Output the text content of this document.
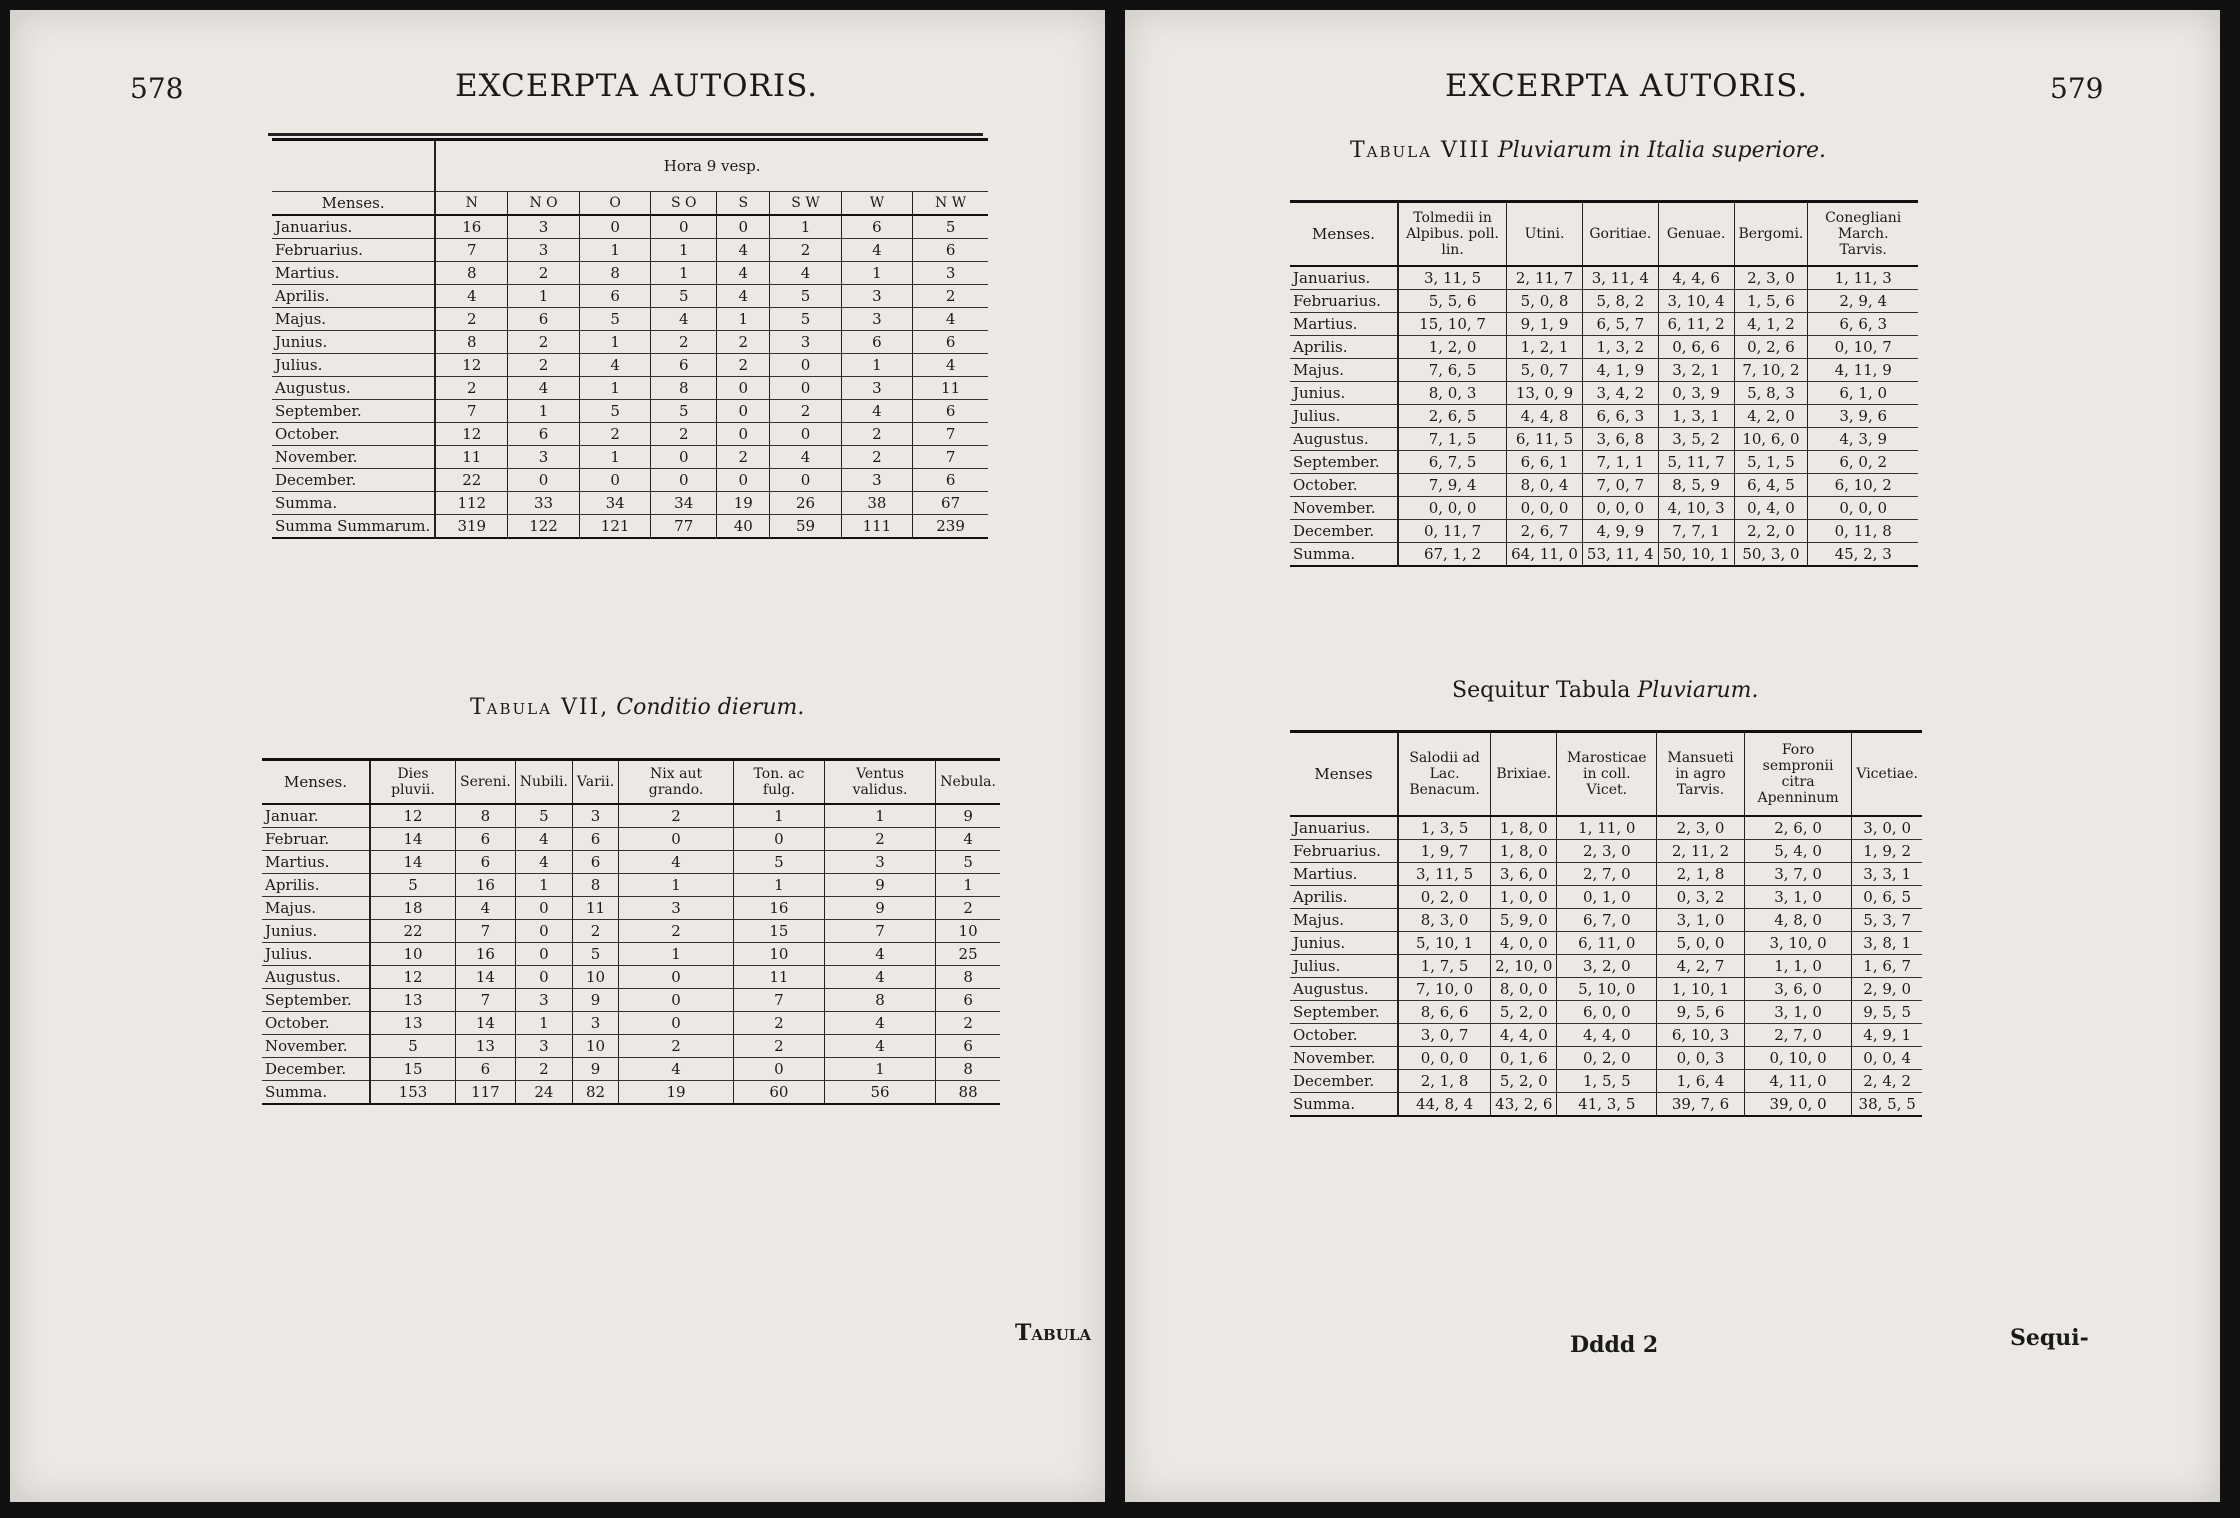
578	EXCERPTA AUTORIS.
	Hora 9 vesp.							
Menses.	N	N O	O	S O	S	S W	W	N W
Januarius.	16	3	0	0	0	1	6	5
Februarius.	7	3	1	1	4	2	4	6
Martius.	8	2	8	1	4	4	1	3
Aprilis.	4	1	6	5	4	5	3	2
Majus.	2	6	5	4	1	5	3	4
Junius.	8	2	1	2	2	3	6	6
Julius.	12	2	4	6	2	0	1	4
Augustus.	2	4	1	8	0	0	3	11
September.	7	1	5	5	0	2	4	6
October.	12	6	2	2	0	0	2	7
November.	11	3	1	0	2	4	2	7
December.	22	0	0	0	0	0	3	6
Summa.	112	33	34	34	19	26	38	67
Summa Summarum.	319	122	121	77	40	59	111	239
Tabula VII, Conditio dierum.
Menses.	Dies pluvii.	Sereni.	Nubili.	Varii.	Nix aut grando.	Ton. ac fulg.	Ventus validus.	Nebula.
Januar.	12	8	5	3	2	1	1	9
Februar.	14	6	4	6	0	0	2	4
Martius.	14	6	4	6	4	5	3	5
Aprilis.	5	16	1	8	1	1	9	1
Majus.	18	4	0	11	3	16	9	2
Junius.	22	7	0	2	2	15	7	10
Julius.	10	16	0	5	1	10	4	25
Augustus.	12	14	0	10	0	11	4	8
September.	13	7	3	9	0	7	8	6
October.	13	14	1	3	0	2	4	2
November.	5	13	3	10	2	2	4	6
December.	15	6	2	9	4	0	1	8
Summa.	153	117	24	82	19	60	56	88
Tabula
579
EXCERPTA AUTORIS.
Tabula VIII Pluviarum in Italia superiore.
Menses.	Tolmedii in Alpibus. poll. lin.	Utini.	Goritiae.	Genuae.	Bergomi.	Conegliani March. Tarvis.
Januarius.	3, 11, 5	2, 11, 7	3, 11, 4	4, 4, 6	2, 3, 0	1, 11, 3
Februarius.	5, 5, 6	5, 0, 8	5, 8, 2	3, 10, 4	1, 5, 6	2, 9, 4
Martius.	15, 10, 7	9, 1, 9	6, 5, 7	6, 11, 2	4, 1, 2	6, 6, 3
Aprilis.	1, 2, 0	1, 2, 1	1, 3, 2	0, 6, 6	0, 2, 6	0, 10, 7
Majus.	7, 6, 5	5, 0, 7	4, 1, 9	3, 2, 1	7, 10, 2	4, 11, 9
Junius.	8, 0, 3	13, 0, 9	3, 4, 2	0, 3, 9	5, 8, 3	6, 1, 0
Julius.	2, 6, 5	4, 4, 8	6, 6, 3	1, 3, 1	4, 2, 0	3, 9, 6
Augustus.	7, 1, 5	6, 11, 5	3, 6, 8	3, 5, 2	10, 6, 0	4, 3, 9
September.	6, 7, 5	6, 6, 1	7, 1, 1	5, 11, 7	5, 1, 5	6, 0, 2
October.	7, 9, 4	8, 0, 4	7, 0, 7	8, 5, 9	6, 4, 5	6, 10, 2
November.	0, 0, 0	0, 0, 0	0, 0, 0	4, 10, 3	0, 4, 0	0, 0, 0
December.	0, 11, 7	2, 6, 7	4, 9, 9	7, 7, 1	2, 2, 0	0, 11, 8
Summa.	67, 1, 2	64, 11, 0	53, 11, 4	50, 10, 1	50, 3, 0	45, 2, 3
Sequitur Tabula Pluviarum.
Menses	Salodii ad Lac. Benacum.	Brixiae.	Marosticae in coll. Vicet.	Mansueti in agro Tarvis.	Foro sempronii citra Apenninum	Vicetiae.
Januarius.	1, 3, 5	1, 8, 0	1, 11, 0	2, 3, 0	2, 6, 0	3, 0, 0
Februarius.	1, 9, 7	1, 8, 0	2, 3, 0	2, 11, 2	5, 4, 0	1, 9, 2
Martius.	3, 11, 5	3, 6, 0	2, 7, 0	2, 1, 8	3, 7, 0	3, 3, 1
Aprilis.	0, 2, 0	1, 0, 0	0, 1, 0	0, 3, 2	3, 1, 0	0, 6, 5
Majus.	8, 3, 0	5, 9, 0	6, 7, 0	3, 1, 0	4, 8, 0	5, 3, 7
Junius.	5, 10, 1	4, 0, 0	6, 11, 0	5, 0, 0	3, 10, 0	3, 8, 1
Julius.	1, 7, 5	2, 10, 0	3, 2, 0	4, 2, 7	1, 1, 0	1, 6, 7
Augustus.	7, 10, 0	8, 0, 0	5, 10, 0	1, 10, 1	3, 6, 0	2, 9, 0
September.	8, 6, 6	5, 2, 0	6, 0, 0	9, 5, 6	3, 1, 0	9, 5, 5
October.	3, 0, 7	4, 4, 0	4, 4, 0	6, 10, 3	2, 7, 0	4, 9, 1
November.	0, 0, 0	0, 1, 6	0, 2, 0	0, 0, 3	0, 10, 0	0, 0, 4
December.	2, 1, 8	5, 2, 0	1, 5, 5	1, 6, 4	4, 11, 0	2, 4, 2
Summa.	44, 8, 4	43, 2, 6	41, 3, 5	39, 7, 6	39, 0, 0	38, 5, 5
Dddd 2	Sequi-
